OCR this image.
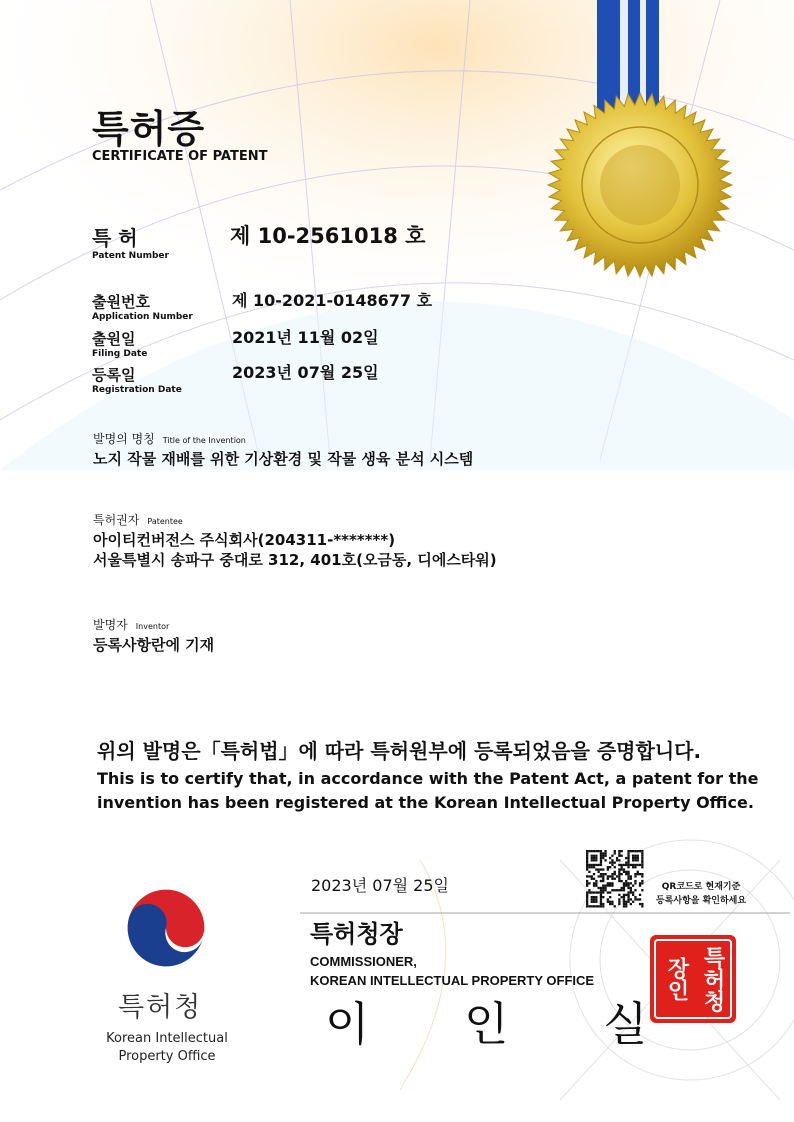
특허증
CERTIFICATE OF PATENT
특 허
Patent Number
제 10-2561018 호
출원번호
Application Number
제 10-2021-0148677 호
출원일
Filing Date
2021년 11월 02일
등록일
Registration Date
2023년 07월 25일
발명의 명칭 Title of the Invention
노지 작물 재배를 위한 기상환경 및 작물 생육 분석 시스템
특허권자 Patentee
아이티컨버전스 주식회사(204311-*******)
서울특별시 송파구 중대로 312, 401호(오금동, 디에스타워)
발명자 Inventor
등록사항란에 기재
위의 발명은「특허법」에 따라 특허원부에 등록되었음을 증명합니다.
This is to certify that, in accordance with the Patent Act, a patent for the
invention has been registered at the Korean Intellectual Property Office.
특허청
Korean Intellectual
Property Office
2023년 07월 25일	QR코드로 현재기준
등록사항을 확인하세요
특허청장
COMMISSIONER,
KOREAN INTELLECTUAL PROPERTY OFFICE
이 인 실
특허청장인
